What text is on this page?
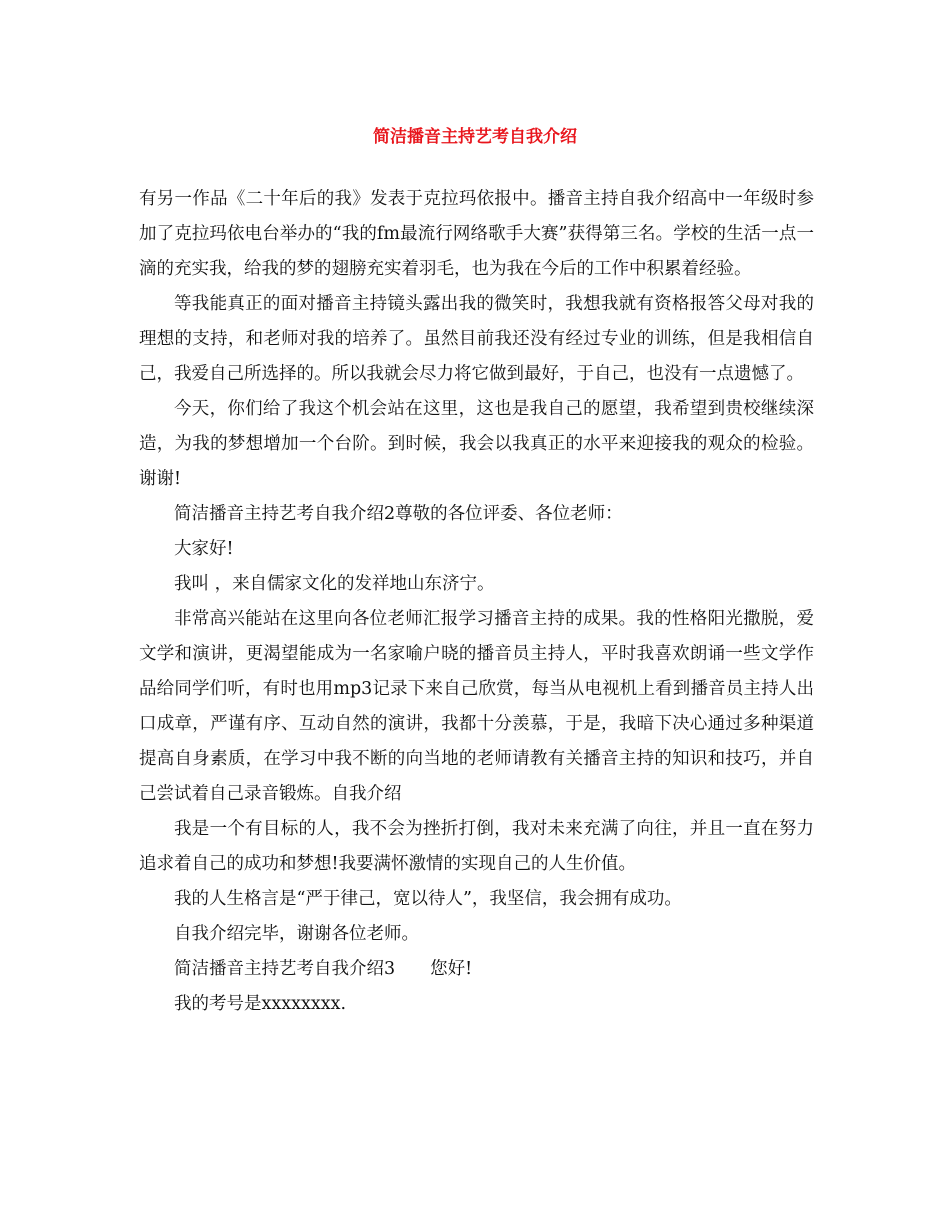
简洁播音主持艺考自我介绍

有另一作品《二十年后的我》发表于克拉玛依报中。播音主持自我介绍高中一年级时参加了克拉玛依电台举办的“我的fm最流行网络歌手大赛”获得第三名。学校的生活一点一滴的充实我，给我的梦的翅膀充实着羽毛，也为我在今后的工作中积累着经验。

等我能真正的面对播音主持镜头露出我的微笑时，我想我就有资格报答父母对我的理想的支持，和老师对我的培养了。虽然目前我还没有经过专业的训练，但是我相信自己，我爱自己所选择的。所以我就会尽力将它做到最好，于自己，也没有一点遗憾了。

今天，你们给了我这个机会站在这里，这也是我自己的愿望，我希望到贵校继续深造，为我的梦想增加一个台阶。到时候，我会以我真正的水平来迎接我的观众的检验。谢谢!

简洁播音主持艺考自我介绍2尊敬的各位评委、各位老师：

大家好!

我叫 ，来自儒家文化的发祥地山东济宁。

非常高兴能站在这里向各位老师汇报学习播音主持的成果。我的性格阳光撒脱，爱文学和演讲，更渴望能成为一名家喻户晓的播音员主持人，平时我喜欢朗诵一些文学作品给同学们听，有时也用mp3记录下来自己欣赏，每当从电视机上看到播音员主持人出口成章，严谨有序、互动自然的演讲，我都十分羡慕，于是，我暗下决心通过多种渠道提高自身素质，在学习中我不断的向当地的老师请教有关播音主持的知识和技巧，并自己尝试着自己录音锻炼。自我介绍

我是一个有目标的人，我不会为挫折打倒，我对未来充满了向往，并且一直在努力追求着自己的成功和梦想!我要满怀激情的实现自己的人生价值。

我的人生格言是“严于律己，宽以待人”，我坚信，我会拥有成功。

自我介绍完毕，谢谢各位老师。

简洁播音主持艺考自我介绍3　　您好!

我的考号是xxxxxxxx.
